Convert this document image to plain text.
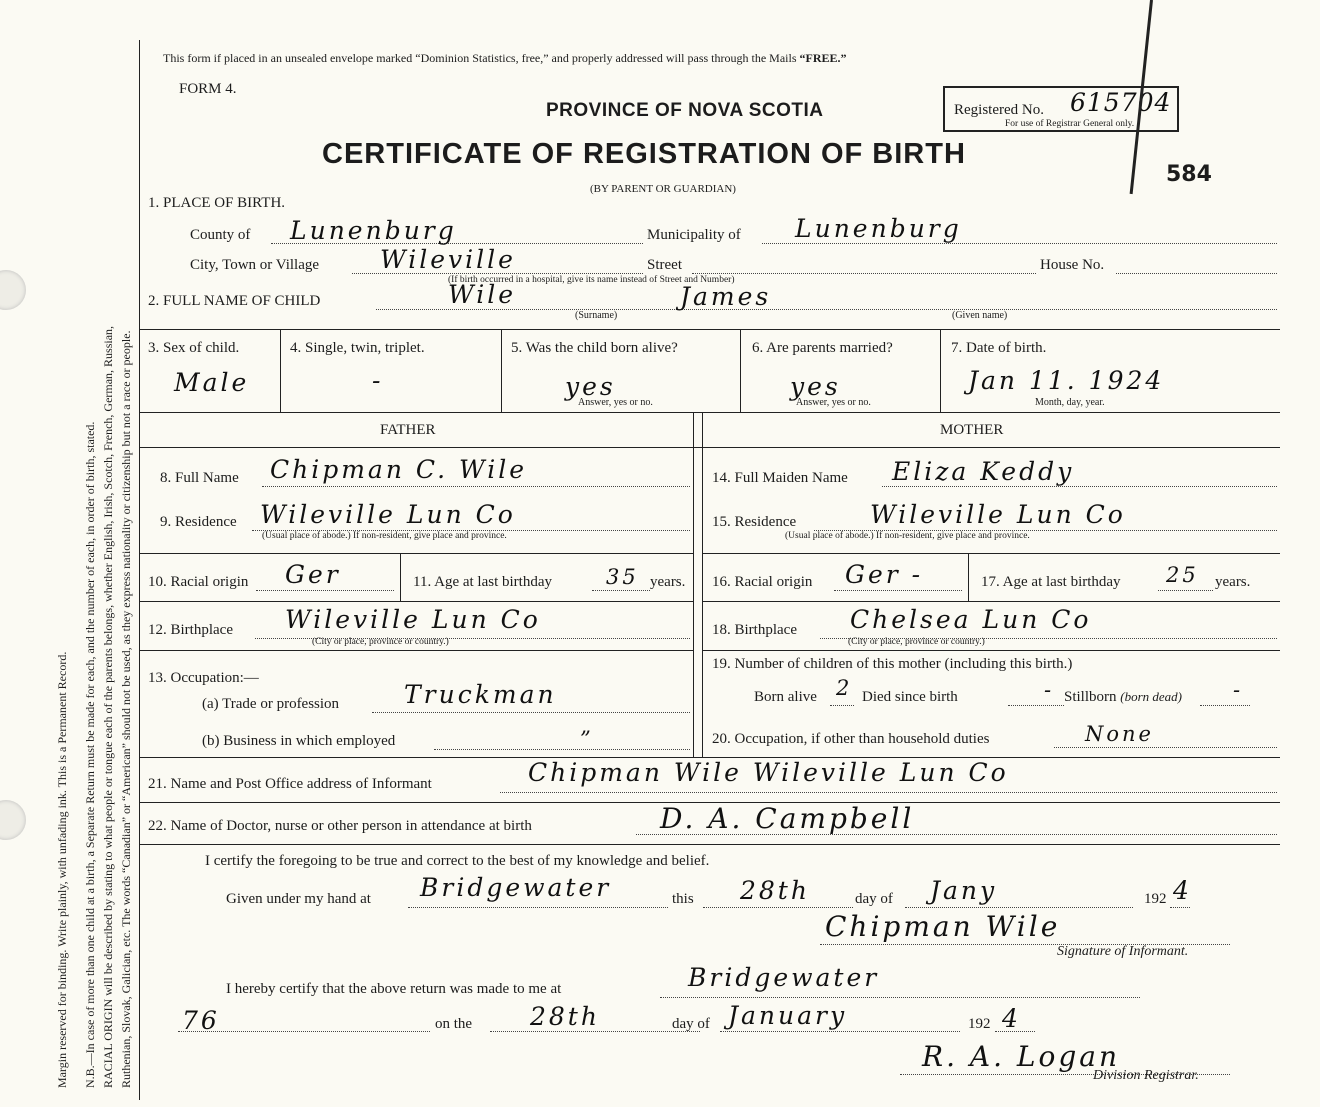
Margin reserved for binding. Write plainly, with unfading ink. This is a Permanent Record. N.B.—In case of more than one child at a birth, a Separate Return must be made for each, and the number of each, in order of birth, stated. RACIAL ORIGIN will be described by stating to what people or tongue each of the parents belongs, whether English, Irish, Scotch, French, German, Russian, Ruthenian, Slovak, Galician, etc. The words “Canadian” or “American” should not be used, as they express nationality or citizenship but not a race or people.
This form if placed in an unsealed envelope marked “Dominion Statistics, free,” and properly addressed will pass through the Mails “FREE.”
FORM 4.
PROVINCE OF NOVA SCOTIA
CERTIFICATE OF REGISTRATION OF BIRTH
(BY PARENT OR GUARDIAN)
Registered No. 615704
For use of Registrar General only.
584
1. PLACE OF BIRTH.
County of Lunenburg	Municipality of Lunenburg
City, Town or Village Wileville	Street	House No.
(If birth occurred in a hospital, give its name instead of Street and Number)
2. FULL NAME OF CHILD	Wile	James
(Surname)	(Given name)
3. Sex of child.
Male
4. Single, twin, triplet.
-
5. Was the child born alive?
yes
Answer, yes or no.
6. Are parents married?
yes
Answer, yes or no.
7. Date of birth.
Jan 11. 1924
Month, day, year.
FATHER	MOTHER
8. Full Name Chipman C. Wile
9. Residence Wileville Lun Co
(Usual place of abode.) If non-resident, give place and province.
10. Racial origin Ger	11. Age at last birthday	35 years.
12. Birthplace Wileville Lun Co
(City or place, province or country.)
13. Occupation:—
(a) Trade or profession	Truckman
(b) Business in which employed	”
14. Full Maiden Name Eliza Keddy
15. Residence	Wileville Lun Co
(Usual place of abode.) If non-resident, give place and province.
16. Racial origin Ger -	17. Age at last birthday 25 years.
18. Birthplace Chelsea Lun Co
(City or place, province or country.)
19. Number of children of this mother (including this birth.)
Born alive 2 Died since birth	- Stillborn (born dead) -
20. Occupation, if other than household duties	None
21. Name and Post Office address of Informant	Chipman Wile Wileville Lun Co
22. Name of Doctor, nurse or other person in attendance at birth	D. A. Campbell
I certify the foregoing to be true and correct to the best of my knowledge and belief.
Given under my hand at Bridgewater	this 28th	day of Jany	192 4
Chipman Wile
Signature of Informant.
I hereby certify that the above return was made to me at	Bridgewater
76	on the 28th	day of January	192 4
R. A. Logan
Division Registrar.
